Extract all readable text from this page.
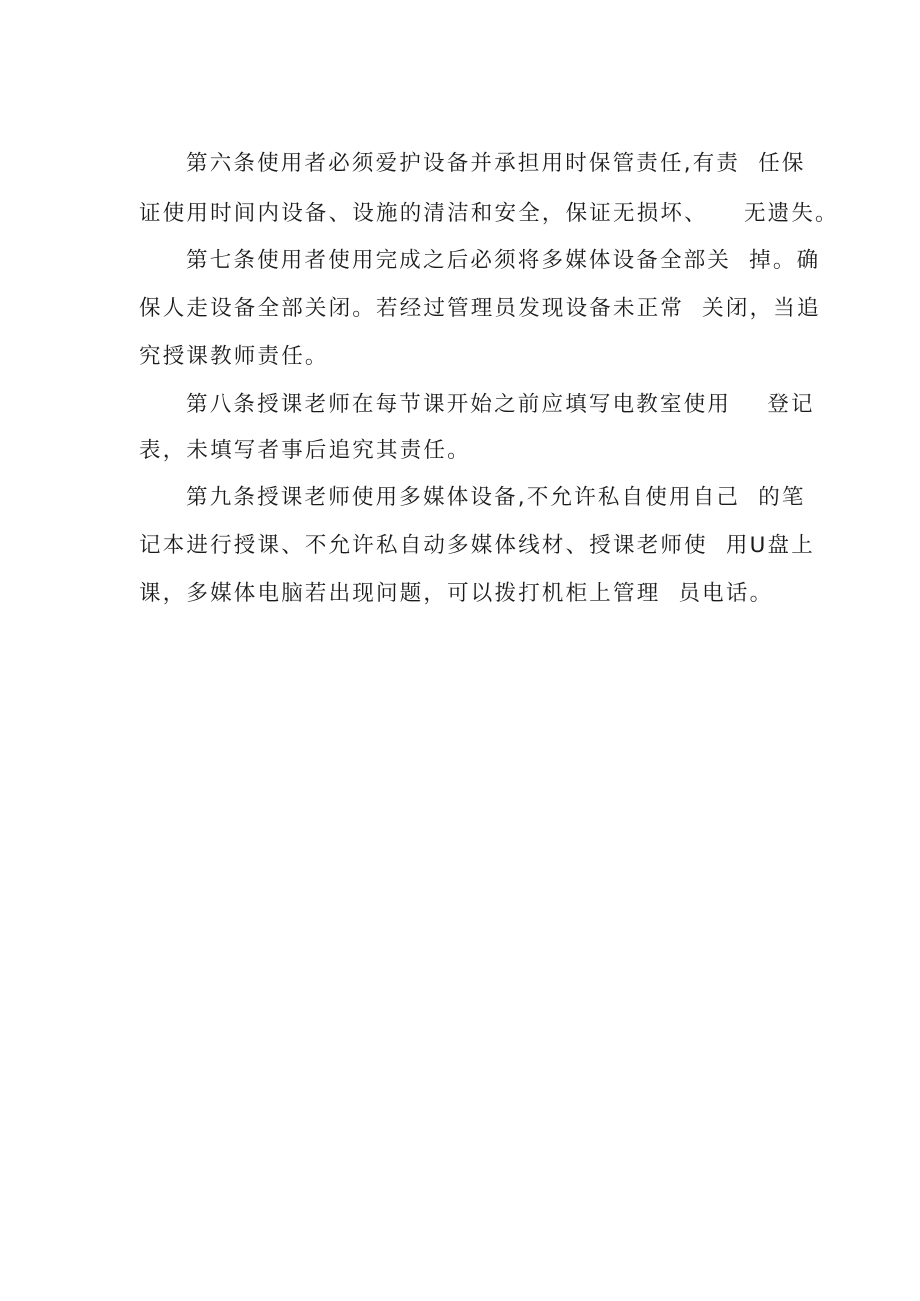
第六条使用者必须爱护设备并承担用时保管责任,有责  任保
证使用时间内设备、设施的清洁和安全，保证无损坏、    无遗失。
第七条使用者使用完成之后必须将多媒体设备全部关  掉。确
保人走设备全部关闭。若经过管理员发现设备未正常  关闭，当追
究授课教师责任。
第八条授课老师在每节课开始之前应填写电教室使用    登记
表，未填写者事后追究其责任。
第九条授课老师使用多媒体设备,不允许私自使用自己  的笔
记本进行授课、不允许私自动多媒体线材、授课老师使  用U盘上
课，多媒体电脑若出现问题，可以拨打机柜上管理  员电话。
